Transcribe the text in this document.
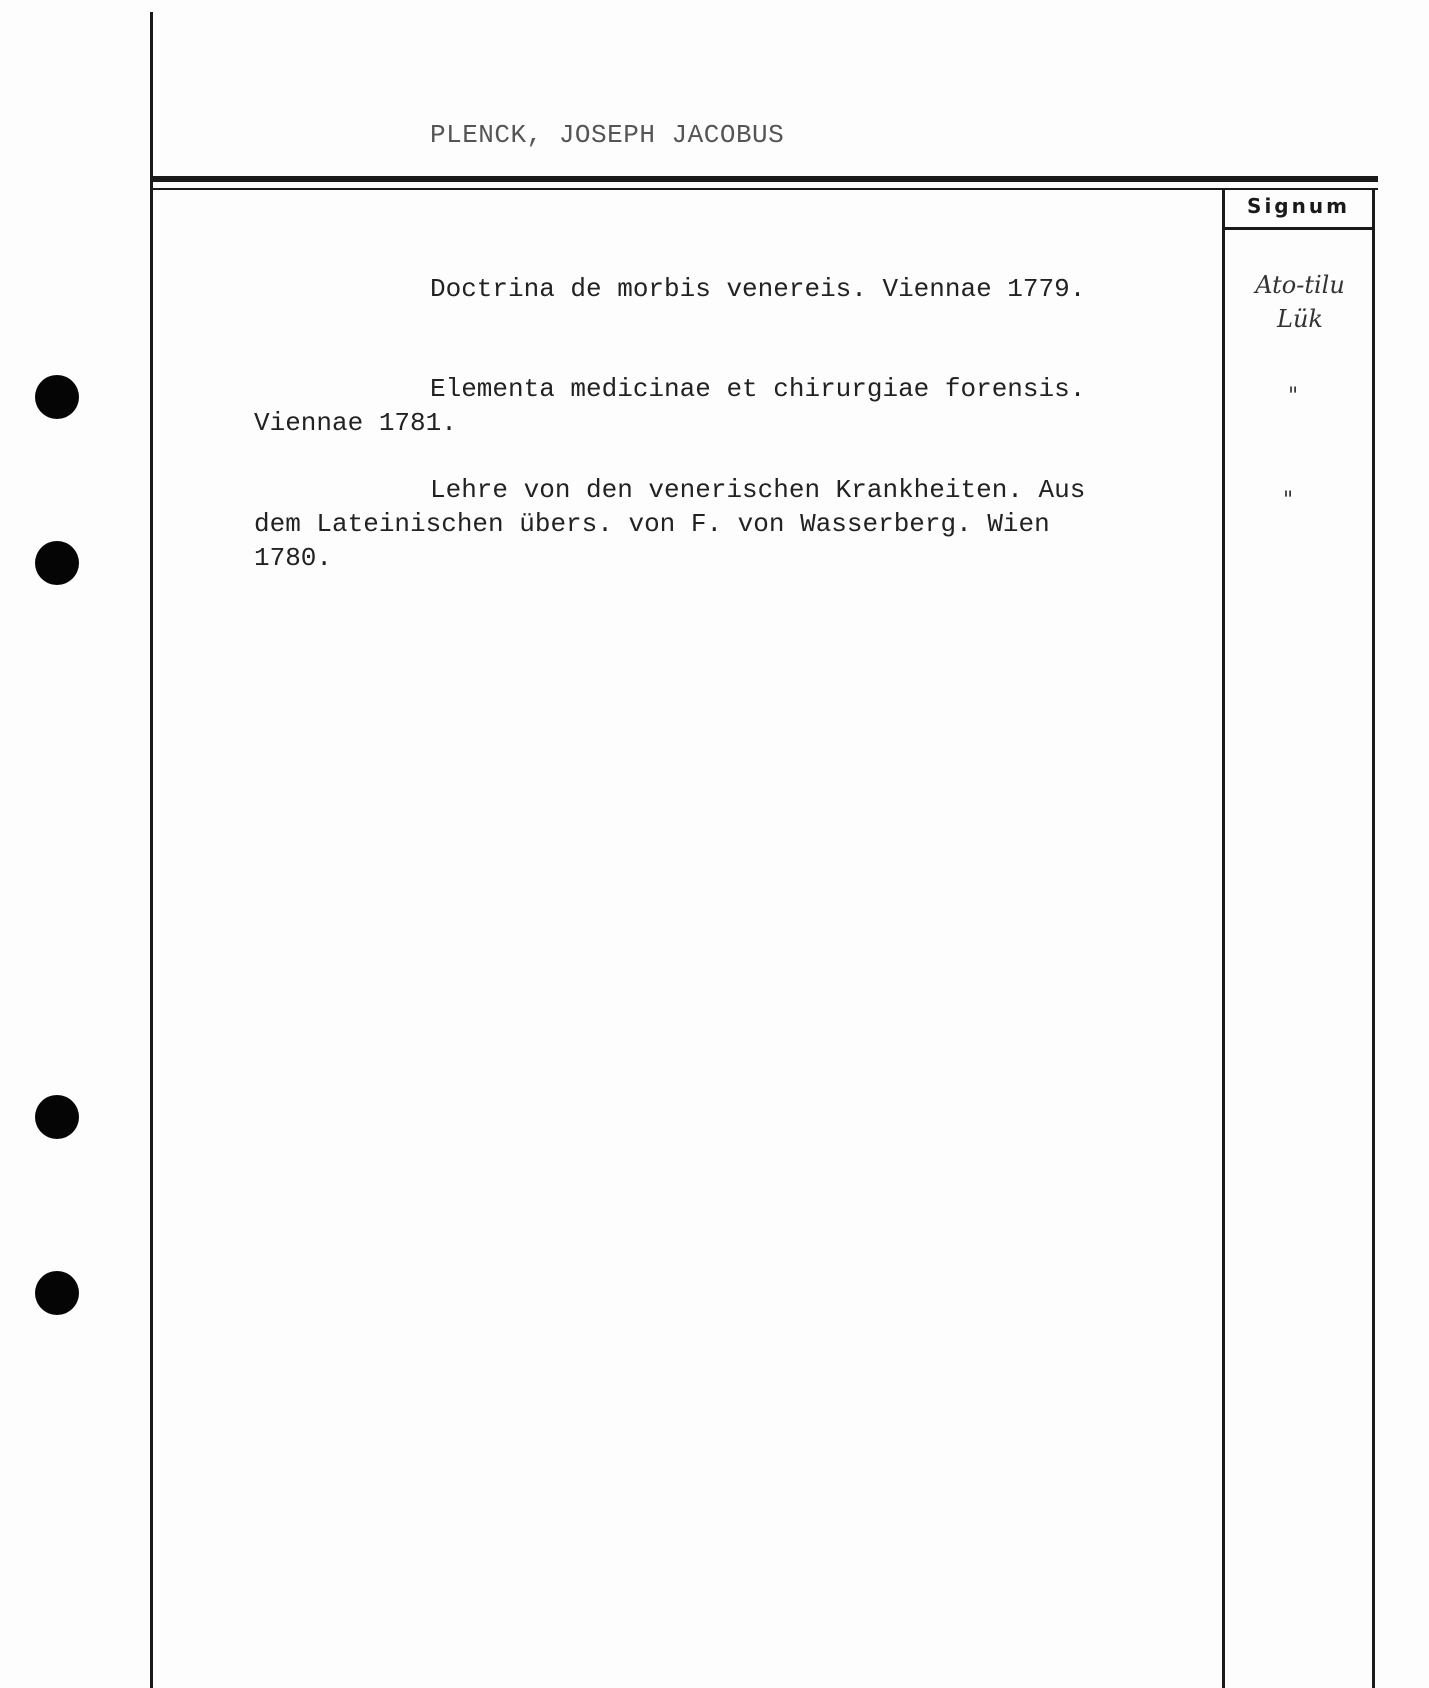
PLENCK, JOSEPH JACOBUS
Signum
Doctrina de morbis venereis. Viennae 1779.
Elementa medicinae et chirurgiae forensis.
Viennae 1781.
Lehre von den venerischen Krankheiten. Aus
dem Lateinischen übers. von F. von Wasserberg. Wien
1780.
Ato-tilu
Lük
"
"
